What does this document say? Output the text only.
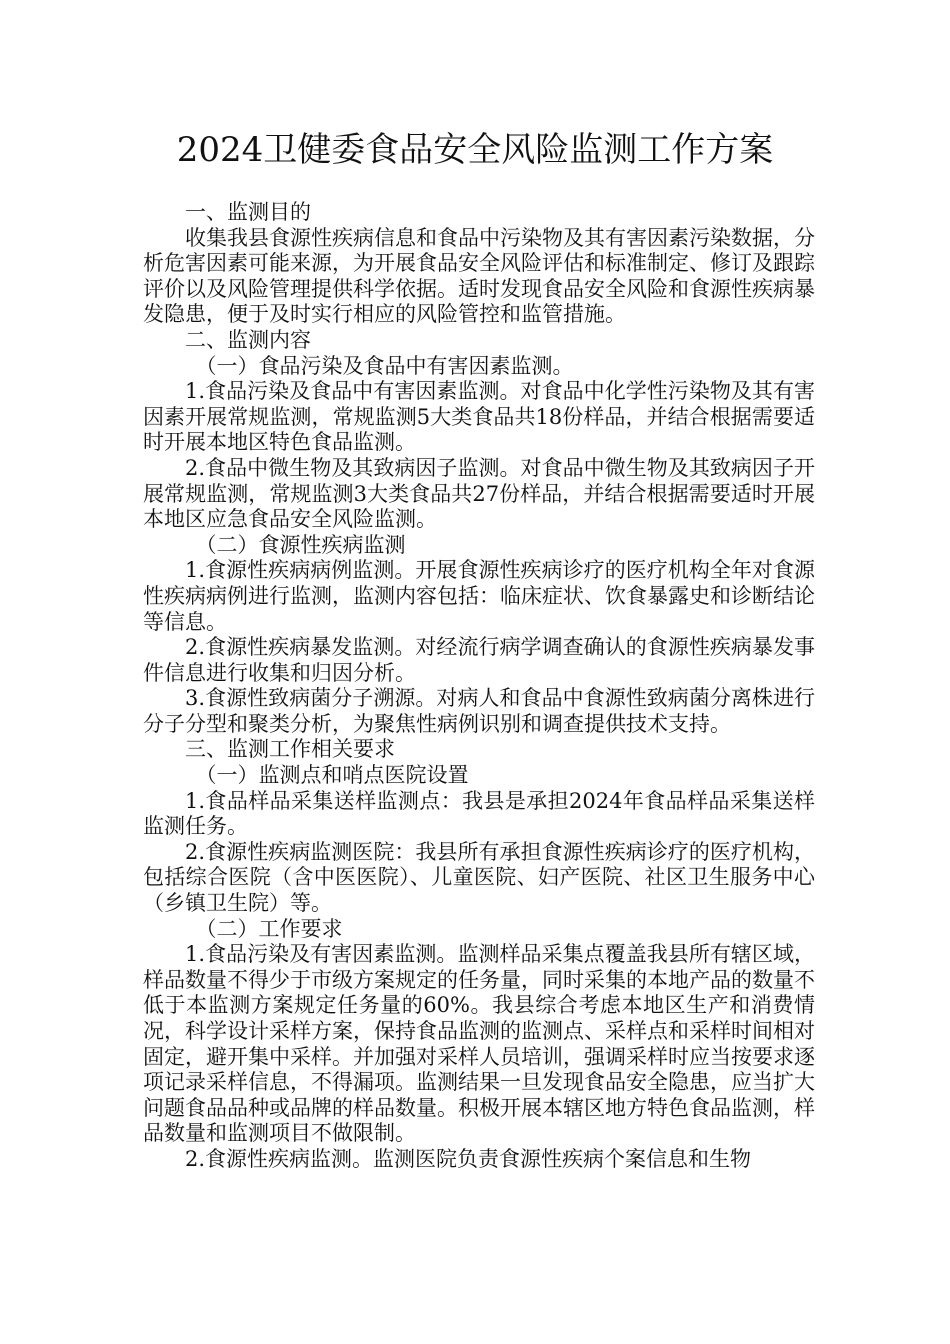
2024卫健委食品安全风险监测工作方案

一、监测目的

收集我县食源性疾病信息和食品中污染物及其有害因素污染数据，分析危害因素可能来源，为开展食品安全风险评估和标准制定、修订及跟踪评价以及风险管理提供科学依据。适时发现食品安全风险和食源性疾病暴发隐患，便于及时实行相应的风险管控和监管措施。

二、监测内容

（一）食品污染及食品中有害因素监测。

1.食品污染及食品中有害因素监测。对食品中化学性污染物及其有害因素开展常规监测，常规监测5大类食品共18份样品，并结合根据需要适时开展本地区特色食品监测。

2.食品中微生物及其致病因子监测。对食品中微生物及其致病因子开展常规监测，常规监测3大类食品共27份样品，并结合根据需要适时开展本地区应急食品安全风险监测。

（二）食源性疾病监测

1.食源性疾病病例监测。开展食源性疾病诊疗的医疗机构全年对食源性疾病病例进行监测，监测内容包括：临床症状、饮食暴露史和诊断结论等信息。

2.食源性疾病暴发监测。对经流行病学调查确认的食源性疾病暴发事件信息进行收集和归因分析。

3.食源性致病菌分子溯源。对病人和食品中食源性致病菌分离株进行分子分型和聚类分析，为聚焦性病例识别和调查提供技术支持。

三、监测工作相关要求

（一）监测点和哨点医院设置

1.食品样品采集送样监测点：我县是承担2024年食品样品采集送样监测任务。

2.食源性疾病监测医院：我县所有承担食源性疾病诊疗的医疗机构，包括综合医院（含中医医院）、儿童医院、妇产医院、社区卫生服务中心（乡镇卫生院）等。

（二）工作要求

1.食品污染及有害因素监测。监测样品采集点覆盖我县所有辖区域，样品数量不得少于市级方案规定的任务量，同时采集的本地产品的数量不低于本监测方案规定任务量的60%。我县综合考虑本地区生产和消费情况，科学设计采样方案，保持食品监测的监测点、采样点和采样时间相对固定，避开集中采样。并加强对采样人员培训，强调采样时应当按要求逐项记录采样信息，不得漏项。监测结果一旦发现食品安全隐患，应当扩大问题食品品种或品牌的样品数量。积极开展本辖区地方特色食品监测，样品数量和监测项目不做限制。

2.食源性疾病监测。监测医院负责食源性疾病个案信息和生物
